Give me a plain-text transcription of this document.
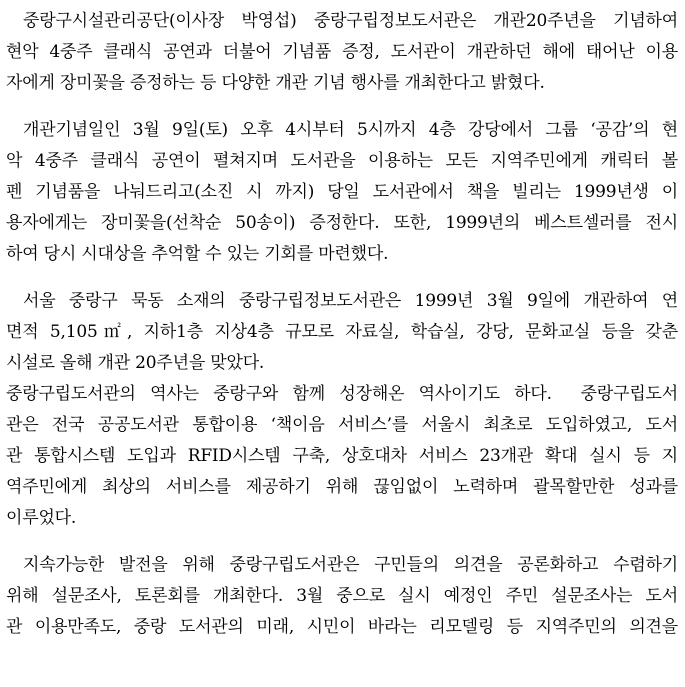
중랑구시설관리공단(이사장 박영섭) 중랑구립정보도서관은 개관20주년을 기념하여
현악 4중주 클래식 공연과 더불어 기념품 증정, 도서관이 개관하던 해에 태어난 이용
자에게 장미꽃을 증정하는 등 다양한 개관 기념 행사를 개최한다고 밝혔다.
개관기념일인 3월 9일(토) 오후 4시부터 5시까지 4층 강당에서 그룹 ‘공감’의 현
악 4중주 클래식 공연이 펼쳐지며 도서관을 이용하는 모든 지역주민에게 캐릭터 볼
펜 기념품을 나눠드리고(소진 시 까지) 당일 도서관에서 책을 빌리는 1999년생 이
용자에게는 장미꽃을(선착순 50송이) 증정한다. 또한, 1999년의 베스트셀러를 전시
하여 당시 시대상을 추억할 수 있는 기회를 마련했다.
서울 중랑구 묵동 소재의 중랑구립정보도서관은 1999년 3월 9일에 개관하여 연
면적 5,105㎡, 지하1층 지상4층 규모로 자료실, 학습실, 강당, 문화교실 등을 갖춘
시설로 올해 개관 20주년을 맞았다.
중랑구립도서관의 역사는 중랑구와 함께 성장해온 역사이기도 하다.  중랑구립도서
관은 전국 공공도서관 통합이용 ‘책이음 서비스’를 서울시 최초로 도입하였고, 도서
관 통합시스템 도입과 RFID시스템 구축, 상호대차 서비스 23개관 확대 실시 등 지
역주민에게 최상의 서비스를 제공하기 위해 끊임없이 노력하며 괄목할만한 성과를
이루었다.
지속가능한 발전을 위해 중랑구립도서관은 구민들의 의견을 공론화하고 수렴하기
위해 설문조사, 토론회를 개최한다. 3월 중으로 실시 예정인 주민 설문조사는 도서
관 이용만족도, 중랑 도서관의 미래, 시민이 바라는 리모델링 등 지역주민의 의견을
